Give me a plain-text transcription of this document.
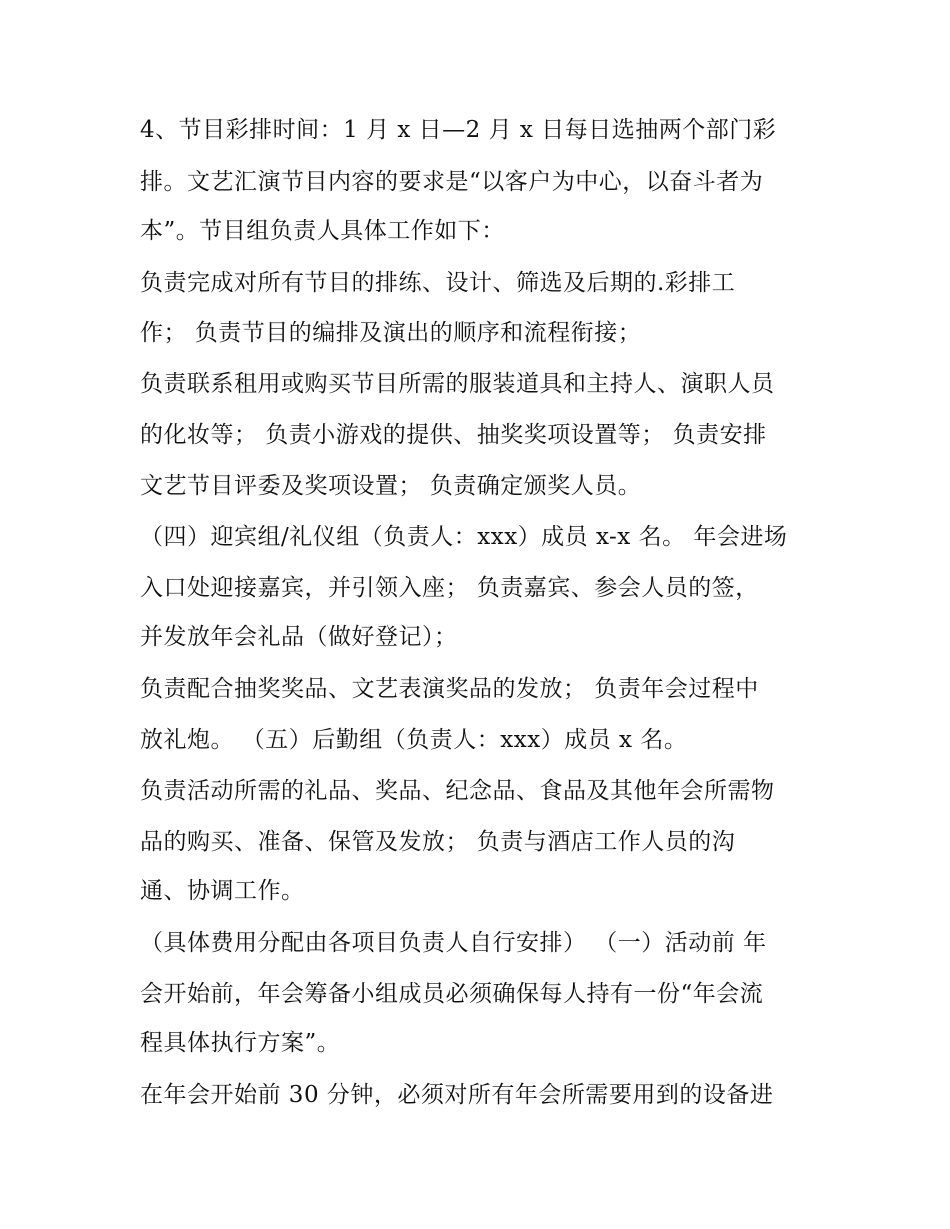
4、节目彩排时间：1 月 x 日—2 月 x 日每日选抽两个部门彩
排。文艺汇演节目内容的要求是“以客户为中心，以奋斗者为
本”。节目组负责人具体工作如下：
负责完成对所有节目的排练、设计、筛选及后期的.彩排工
作； 负责节目的编排及演出的顺序和流程衔接；
负责联系租用或购买节目所需的服装道具和主持人、演职人员
的化妆等； 负责小游戏的提供、抽奖奖项设置等； 负责安排
文艺节目评委及奖项设置； 负责确定颁奖人员。
（四）迎宾组/礼仪组（负责人：xxx）成员 x-x 名。 年会进场
入口处迎接嘉宾，并引领入座； 负责嘉宾、参会人员的签，
并发放年会礼品（做好登记）；
负责配合抽奖奖品、文艺表演奖品的发放； 负责年会过程中
放礼炮。 （五）后勤组（负责人：xxx）成员 x 名。
负责活动所需的礼品、奖品、纪念品、食品及其他年会所需物
品的购买、准备、保管及发放； 负责与酒店工作人员的沟
通、协调工作。
（具体费用分配由各项目负责人自行安排） （一）活动前 年
会开始前，年会筹备小组成员必须确保每人持有一份“年会流
程具体执行方案”。
在年会开始前 30 分钟，必须对所有年会所需要用到的设备进
